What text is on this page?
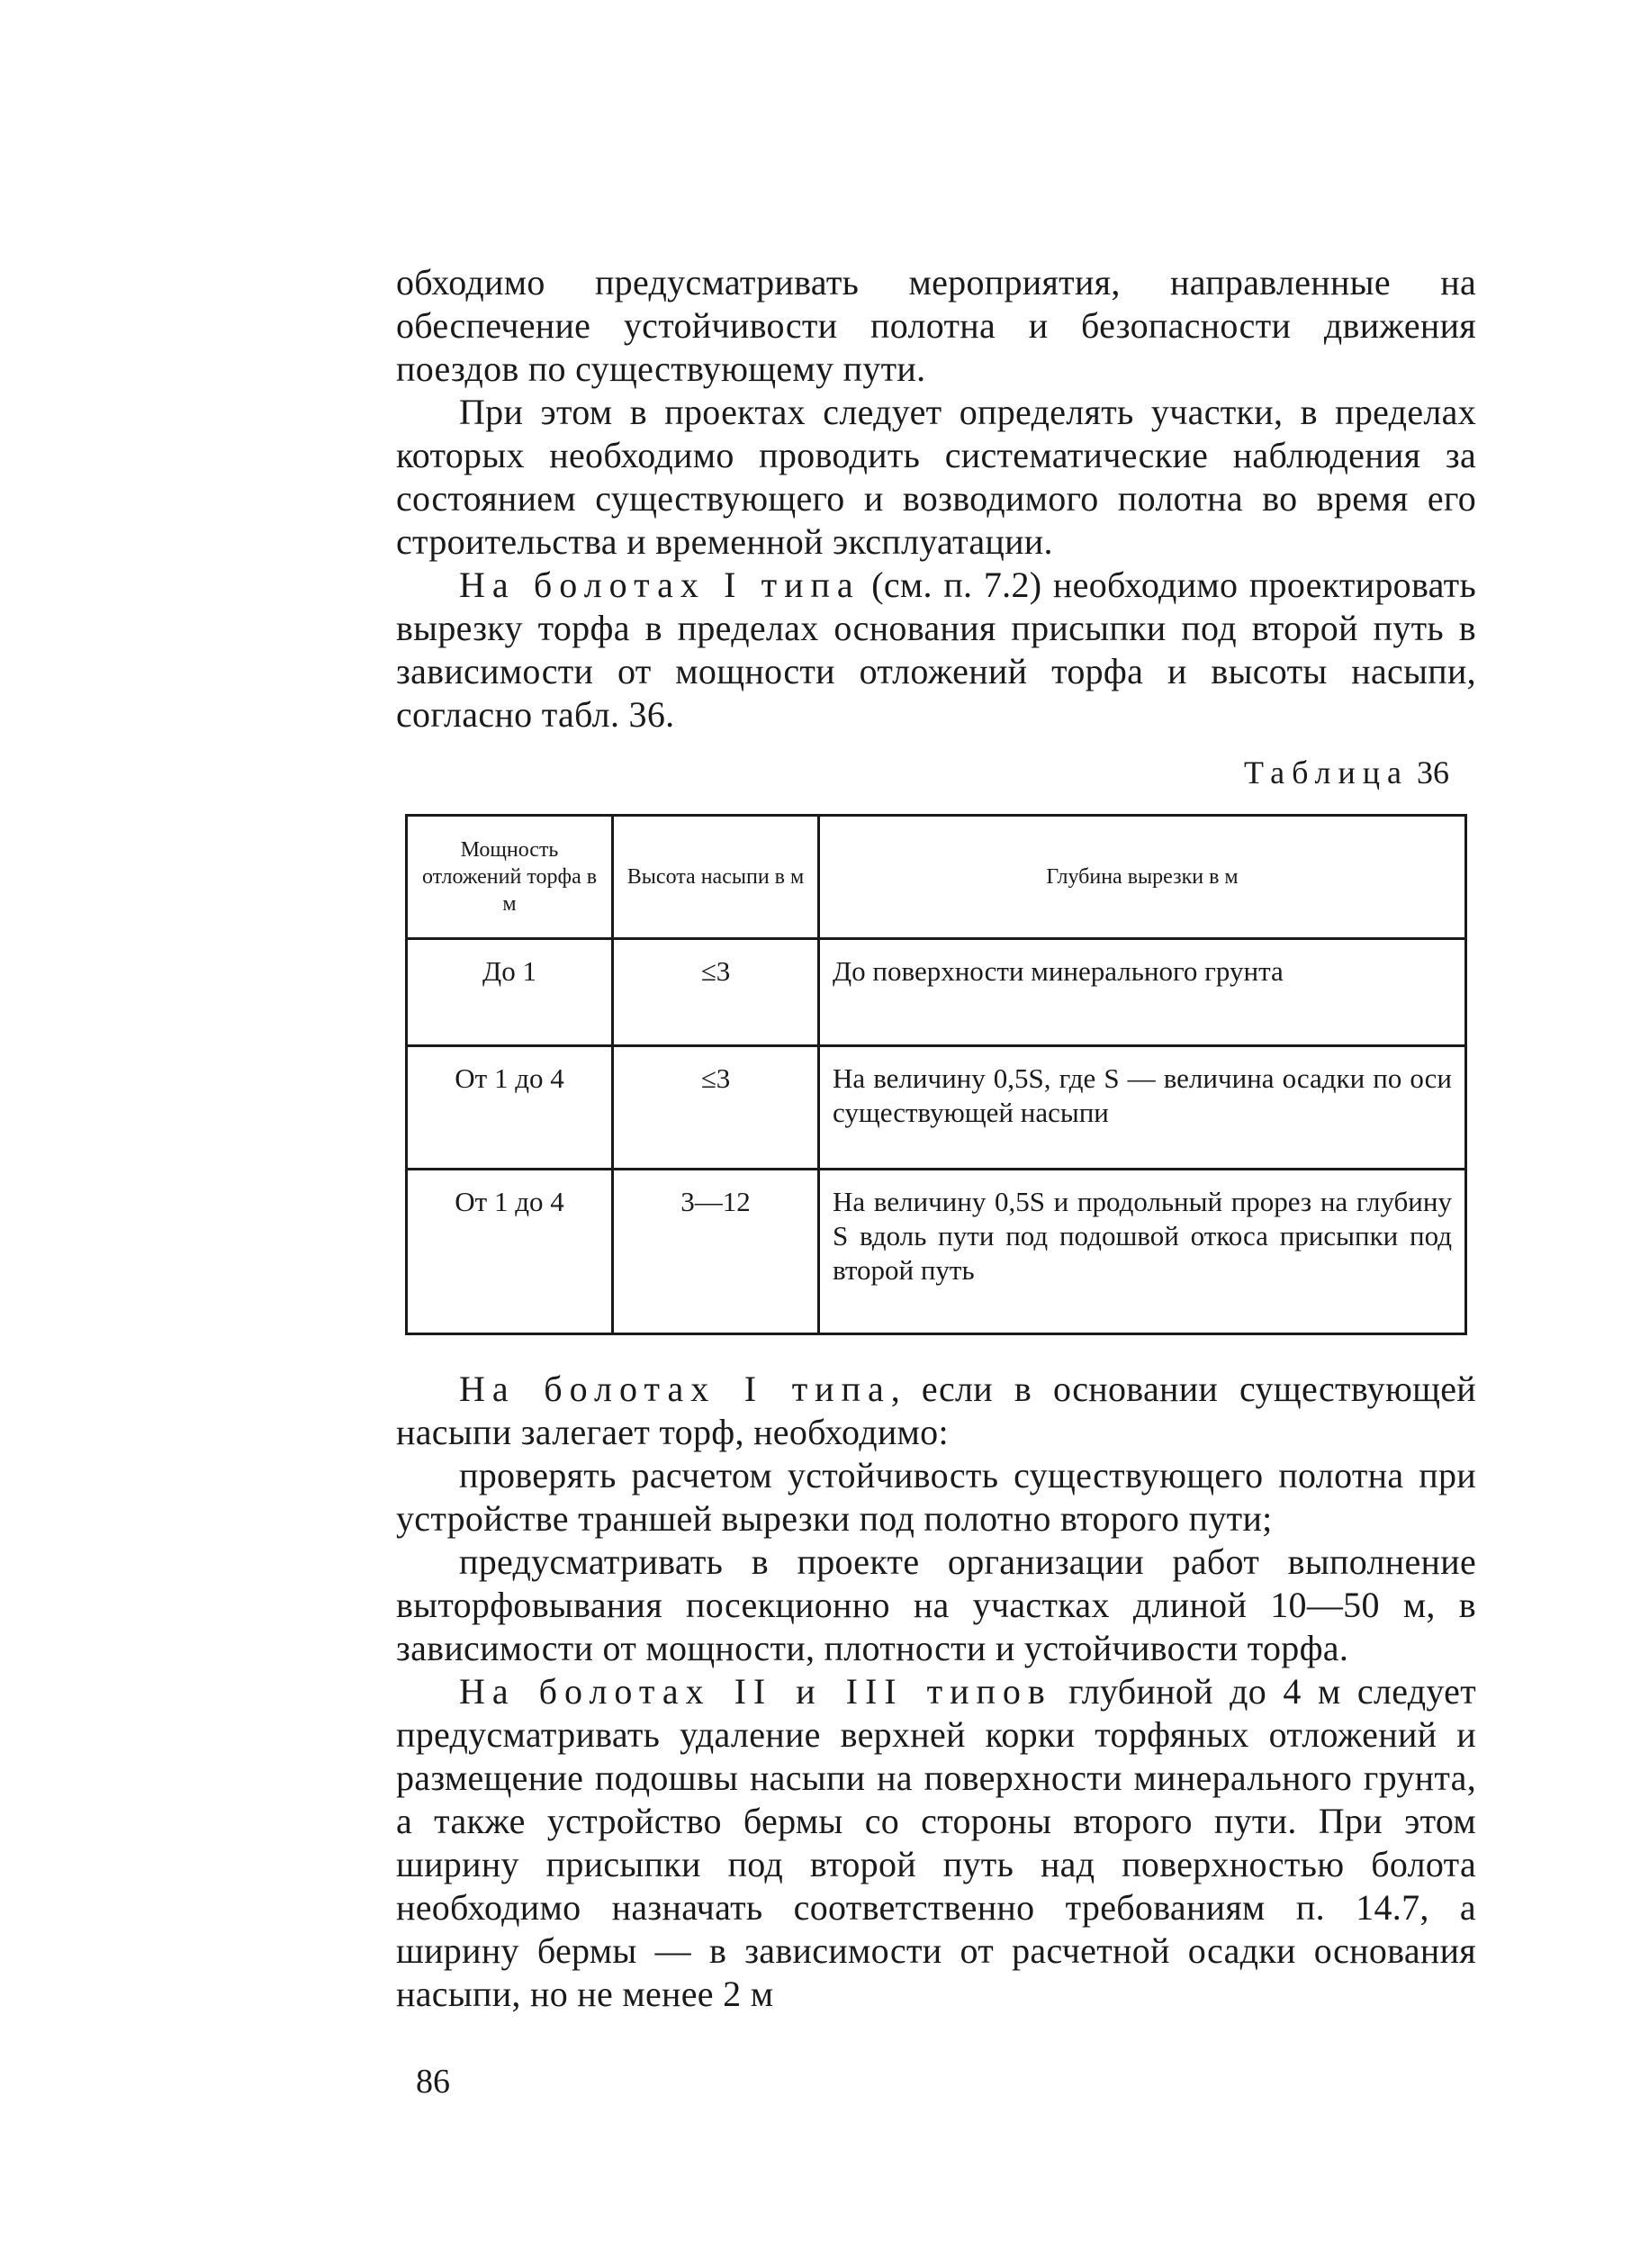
обходимо предусматривать мероприятия, направленные на обеспечение устойчивости полотна и безопасности движения поездов по существующему пути.

При этом в проектах следует определять участки, в пределах которых необходимо проводить систематические наблюдения за состоянием существующего и возводимого полотна во время его строительства и временной эксплуатации.

На болотах I типа (см. п. 7.2) необходимо проектировать вырезку торфа в пределах основания присыпки под второй путь в зависимости от мощности отложений торфа и высоты насыпи, согласно табл. 36.

Таблица 36
Мощность отложений торфа в м	Высота насыпи в м	Глубина вырезки в м
До 1	≤3	До поверхности минерального грунта
От 1 до 4	≤3	На величину 0,5S, где S — величина осадки по оси существующей насыпи
От 1 до 4	3—12	На величину 0,5S и продольный прорез на глубину S вдоль пути под подошвой откоса присыпки под второй путь

На болотах I типа, если в основании существующей насыпи залегает торф, необходимо:

проверять расчетом устойчивость существующего полотна при устройстве траншей вырезки под полотно второго пути;

предусматривать в проекте организации работ выполнение выторфовывания посекционно на участках длиной 10—50 м, в зависимости от мощности, плотности и устойчивости торфа.

На болотах II и III типов глубиной до 4 м следует предусматривать удаление верхней корки торфяных отложений и размещение подошвы насыпи на поверхности минерального грунта, а также устройство бермы со стороны второго пути. При этом ширину присыпки под второй путь над поверхностью болота необходимо назначать соответственно требованиям п. 14.7, а ширину бермы — в зависимости от расчетной осадки основания насыпи, но не менее 2 м

86
